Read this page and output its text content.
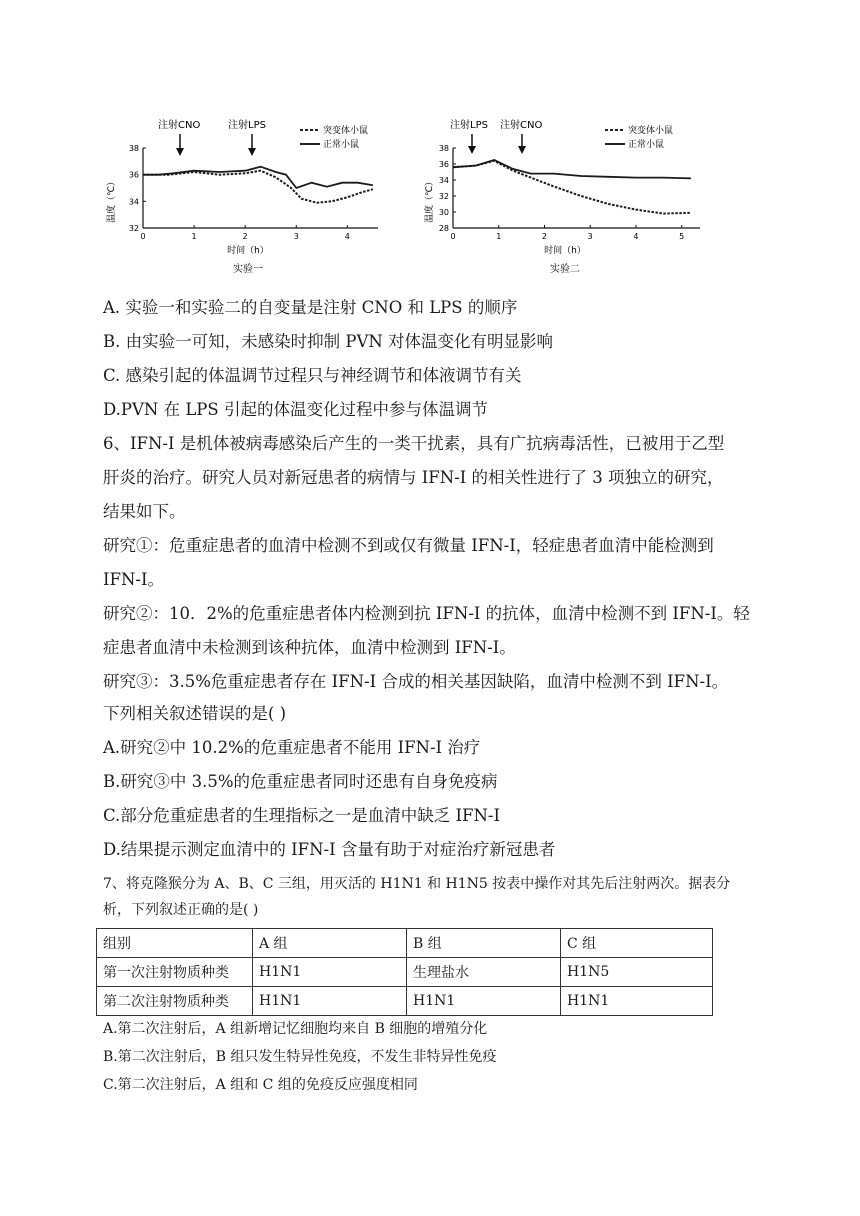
注射CNO	注射LPS	突变体小鼠
正常小鼠
温度（℃）
时间（h）
实验一
38
36
34
32
0	1	2	3	4
注射LPS 注射CNO	突变体小鼠
正常小鼠
温度（℃）
时间（h）
实验二
38
36
34
32
30
28
0	1	2	3	4	5
A. 实验一和实验二的自变量是注射 CNO 和 LPS 的顺序
B. 由实验一可知，未感染时抑制 PVN 对体温变化有明显影响
C. 感染引起的体温调节过程只与神经调节和体液调节有关
D.PVN 在 LPS 引起的体温变化过程中参与体温调节
6、IFN-I 是机体被病毒感染后产生的一类干扰素，具有广抗病毒活性，已被用于乙型
肝炎的治疗。研究人员对新冠患者的病情与 IFN-I 的相关性进行了 3 项独立的研究，
结果如下。
研究①：危重症患者的血清中检测不到或仅有微量 IFN-I，轻症患者血清中能检测到
IFN-I。
研究②：10．2%的危重症患者体内检测到抗 IFN-I 的抗体，血清中检测不到 IFN-I。轻
症患者血清中未检测到该种抗体，血清中检测到 IFN-I。
研究③：3.5%危重症患者存在 IFN-I 合成的相关基因缺陷，血清中检测不到 IFN-I。
下列相关叙述错误的是( )
A.研究②中 10.2%的危重症患者不能用 IFN-I 治疗
B.研究③中 3.5%的危重症患者同时还患有自身免疫病
C.部分危重症患者的生理指标之一是血清中缺乏 IFN-I
D.结果提示测定血清中的 IFN-I 含量有助于对症治疗新冠患者
7、将克隆猴分为 A、B、C 三组，用灭活的 H1N1 和 H1N5 按表中操作对其先后注射两次。据表分
析，下列叙述正确的是( )
组别	A 组	B 组	C 组
第一次注射物质种类	H1N1	生理盐水	H1N5
第二次注射物质种类	H1N1	H1N1	H1N1
A.第二次注射后，A 组新增记忆细胞均来自 B 细胞的增殖分化
B.第二次注射后，B 组只发生特异性免疫，不发生非特异性免疫
C.第二次注射后，A 组和 C 组的免疫反应强度相同
